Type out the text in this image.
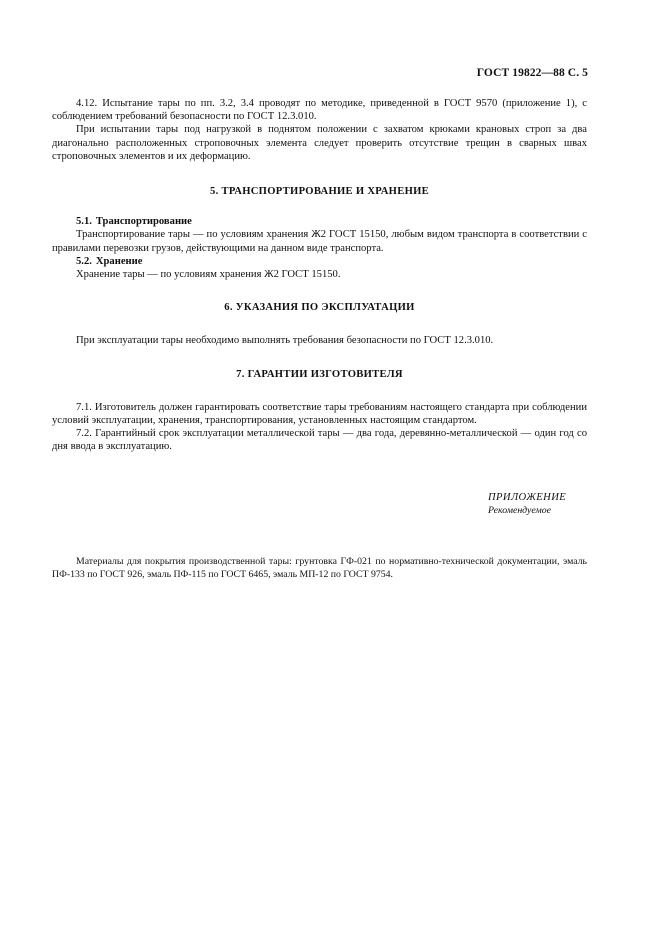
ГОСТ 19822—88 С. 5

4.12. Испытание тары по пп. 3.2, 3.4 проводят по методике, приведенной в ГОСТ 9570 (приложение 1), с соблюдением требований безопасности по ГОСТ 12.3.010.

При испытании тары под нагрузкой в поднятом положении с захватом крюками крановых строп за два диагонально расположенных строповочных элемента следует проверить отсутствие трещин в сварных швах строповочных элементов и их деформацию.

5. ТРАНСПОРТИРОВАНИЕ И ХРАНЕНИЕ

5.1. Транспортирование

Транспортирование тары — по условиям хранения Ж2 ГОСТ 15150, любым видом транспорта в соответствии с правилами перевозки грузов, действующими на данном виде транспорта.

5.2. Хранение

Хранение тары — по условиям хранения Ж2 ГОСТ 15150.

6. УКАЗАНИЯ ПО ЭКСПЛУАТАЦИИ

При эксплуатации тары необходимо выполнять требования безопасности по ГОСТ 12.3.010.

7. ГАРАНТИИ ИЗГОТОВИТЕЛЯ

7.1. Изготовитель должен гарантировать соответствие тары требованиям настоящего стандарта при соблюдении условий эксплуатации, хранения, транспортирования, установленных настоящим стандартом.

7.2. Гарантийный срок эксплуатации металлической тары — два года, деревянно-металлической — один год со дня ввода в эксплуатацию.

ПРИЛОЖЕНИЕ
Рекомендуемое

Материалы для покрытия производственной тары: грунтовка ГФ-021 по нормативно-технической документации, эмаль ПФ-133 по ГОСТ 926, эмаль ПФ-115 по ГОСТ 6465, эмаль МП-12 по ГОСТ 9754.
